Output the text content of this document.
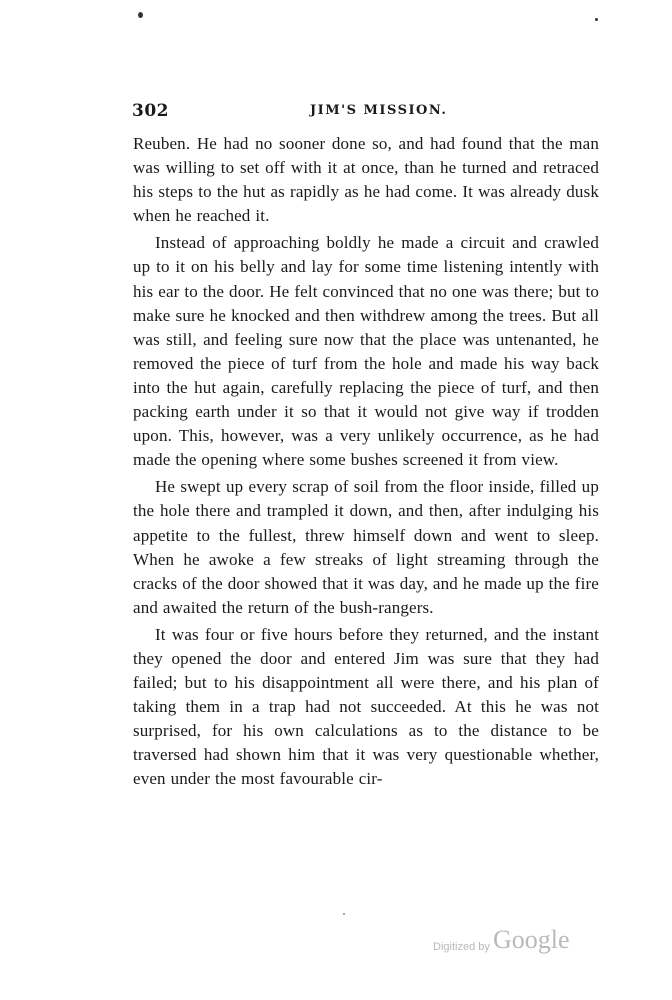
302	JIM'S MISSION.

Reuben. He had no sooner done so, and had found that the man was willing to set off with it at once, than he turned and retraced his steps to the hut as rapidly as he had come. It was already dusk when he reached it.

Instead of approaching boldly he made a circuit and crawled up to it on his belly and lay for some time listening intently with his ear to the door. He felt convinced that no one was there; but to make sure he knocked and then withdrew among the trees. But all was still, and feeling sure now that the place was untenanted, he removed the piece of turf from the hole and made his way back into the hut again, carefully replacing the piece of turf, and then packing earth under it so that it would not give way if trodden upon. This, however, was a very unlikely occurrence, as he had made the opening where some bushes screened it from view.

He swept up every scrap of soil from the floor inside, filled up the hole there and trampled it down, and then, after indulging his appetite to the fullest, threw himself down and went to sleep. When he awoke a few streaks of light streaming through the cracks of the door showed that it was day, and he made up the fire and awaited the return of the bush-rangers.

It was four or five hours before they returned, and the instant they opened the door and entered Jim was sure that they had failed; but to his disappointment all were there, and his plan of taking them in a trap had not succeeded. At this he was not surprised, for his own calculations as to the distance to be traversed had shown him that it was very questionable whether, even under the most favourable cir-

Digitized by Google
